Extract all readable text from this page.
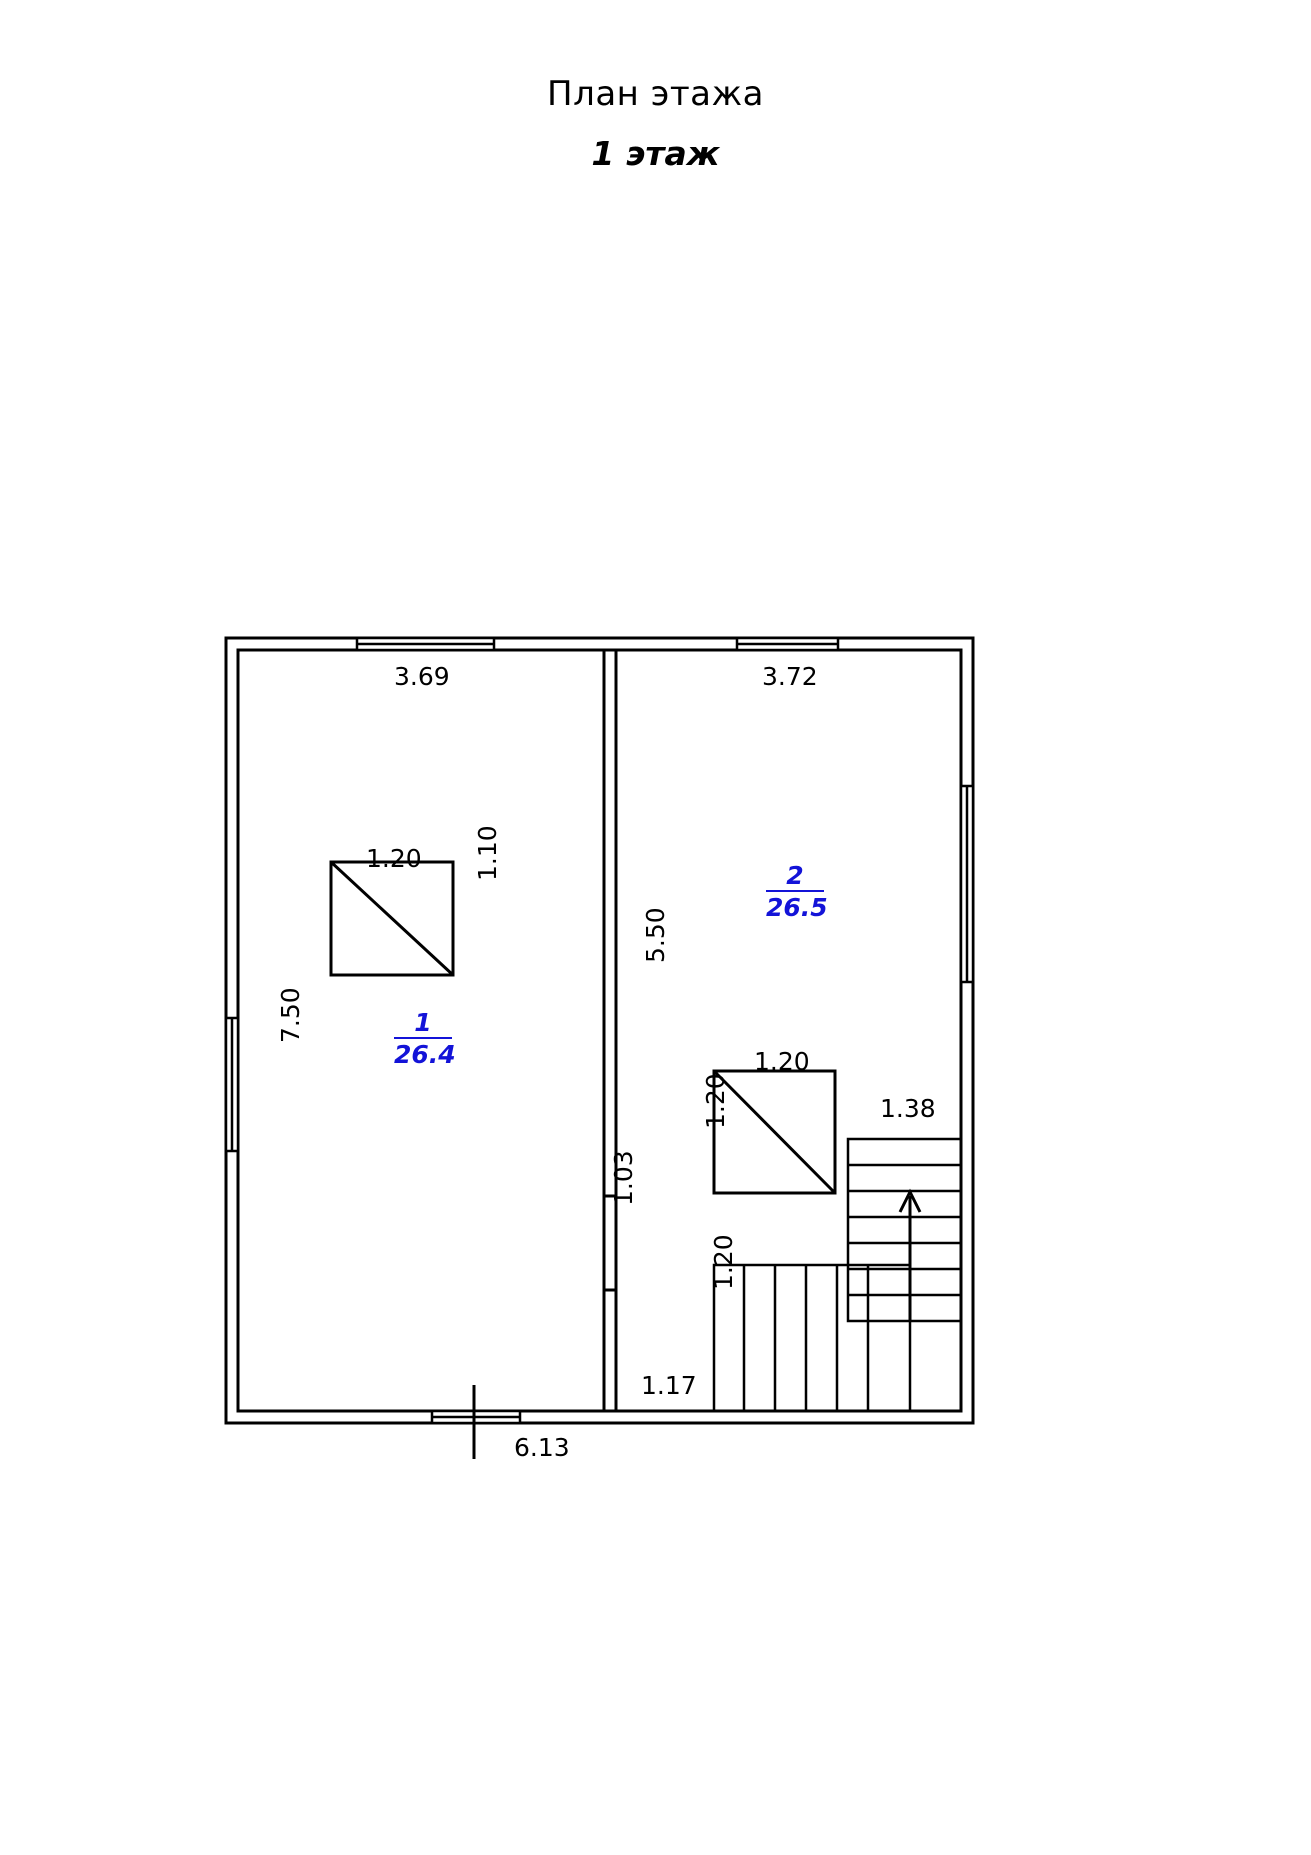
План этажа
1 этаж
3.69	3.72
7.50
5.50
1.03
6.13
1.20 1.10
1.20
1.20	1.38
1.20
1.17
1
26.4
2
26.5
